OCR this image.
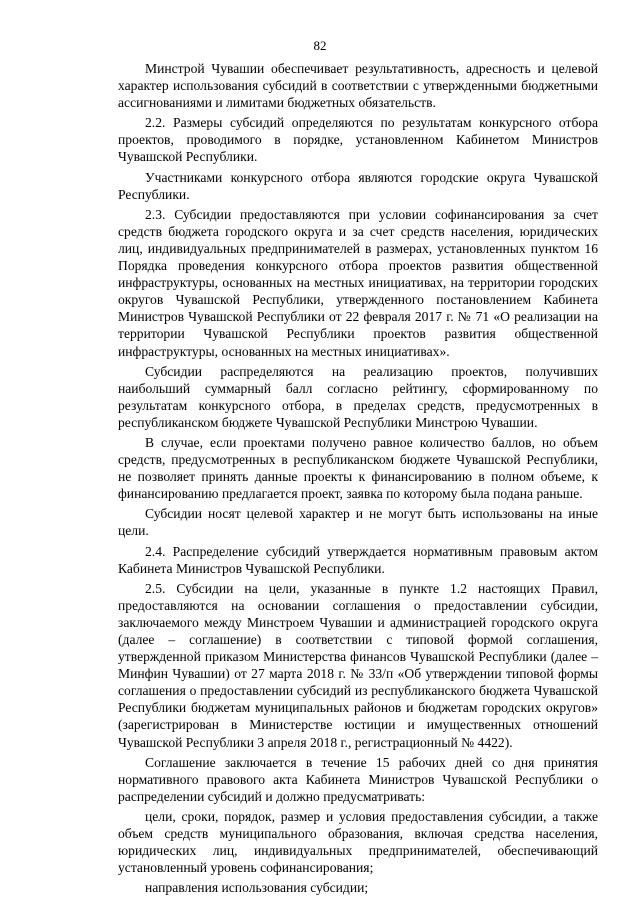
82

Минстрой Чувашии обеспечивает результативность, адресность и целевой характер использования субсидий в соответствии с утвержденными бюджетными ассигнованиями и лимитами бюджетных обязательств.

2.2. Размеры субсидий определяются по результатам конкурсного отбора проектов, проводимого в порядке, установленном Кабинетом Министров Чувашской Республики.

Участниками конкурсного отбора являются городские округа Чувашской Республики.

2.3. Субсидии предоставляются при условии софинансирования за счет средств бюджета городского округа и за счет средств населения, юридических лиц, индивидуальных предпринимателей в размерах, установленных пунктом 16 Порядка проведения конкурсного отбора проектов развития общественной инфраструктуры, основанных на местных инициативах, на территории городских округов Чувашской Республики, утвержденного постановлением Кабинета Министров Чувашской Республики от 22 февраля 2017 г. № 71 «О реализации на территории Чувашской Республики проектов развития общественной инфраструктуры, основанных на местных инициативах».

Субсидии распределяются на реализацию проектов, получивших наибольший суммарный балл согласно рейтингу, сформированному по результатам конкурсного отбора, в пределах средств, предусмотренных в республиканском бюджете Чувашской Республики Минстрою Чувашии.

В случае, если проектами получено равное количество баллов, но объем средств, предусмотренных в республиканском бюджете Чувашской Республики, не позволяет принять данные проекты к финансированию в полном объеме, к финансированию предлагается проект, заявка по которому была подана раньше.

Субсидии носят целевой характер и не могут быть использованы на иные цели.

2.4. Распределение субсидий утверждается нормативным правовым актом Кабинета Министров Чувашской Республики.

2.5. Субсидии на цели, указанные в пункте 1.2 настоящих Правил, предоставляются на основании соглашения о предоставлении субсидии, заключаемого между Минстроем Чувашии и администрацией городского округа (далее – соглашение) в соответствии с типовой формой соглашения, утвержденной приказом Министерства финансов Чувашской Республики (далее – Минфин Чувашии) от 27 марта 2018 г. № 33/п «Об утверждении типовой формы соглашения о предоставлении субсидий из республиканского бюджета Чувашской Республики бюджетам муниципальных районов и бюджетам городских округов» (зарегистрирован в Министерстве юстиции и имущественных отношений Чувашской Республики 3 апреля 2018 г., регистрационный № 4422).

Соглашение заключается в течение 15 рабочих дней со дня принятия нормативного правового акта Кабинета Министров Чувашской Республики о распределении субсидий и должно предусматривать:

цели, сроки, порядок, размер и условия предоставления субсидии, а также объем средств муниципального образования, включая средства населения, юридических лиц, индивидуальных предпринимателей, обеспечивающий установленный уровень софинансирования;

направления использования субсидии;
